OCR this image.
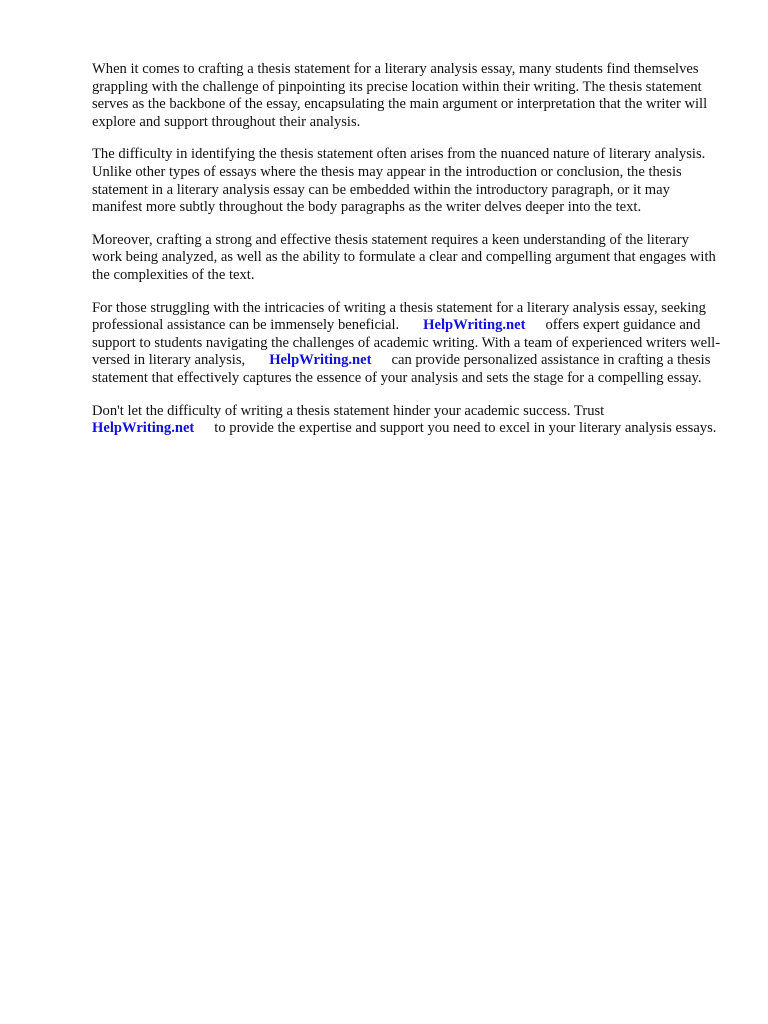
When it comes to crafting a thesis statement for a literary analysis essay, many students find themselves grappling with the challenge of pinpointing its precise location within their writing. The thesis statement serves as the backbone of the essay, encapsulating the main argument or interpretation that the writer will explore and support throughout their analysis.

The difficulty in identifying the thesis statement often arises from the nuanced nature of literary analysis. Unlike other types of essays where the thesis may appear in the introduction or conclusion, the thesis statement in a literary analysis essay can be embedded within the introductory paragraph, or it may manifest more subtly throughout the body paragraphs as the writer delves deeper into the text.

Moreover, crafting a strong and effective thesis statement requires a keen understanding of the literary work being analyzed, as well as the ability to formulate a clear and compelling argument that engages with the complexities of the text.

For those struggling with the intricacies of writing a thesis statement for a literary analysis essay, seeking professional assistance can be immensely beneficial. HelpWriting.net offers expert guidance and support to students navigating the challenges of academic writing. With a team of experienced writers well-versed in literary analysis, HelpWriting.net can provide personalized assistance in crafting a thesis statement that effectively captures the essence of your analysis and sets the stage for a compelling essay.

Don't let the difficulty of writing a thesis statement hinder your academic success. Trust HelpWriting.net to provide the expertise and support you need to excel in your literary analysis essays.
